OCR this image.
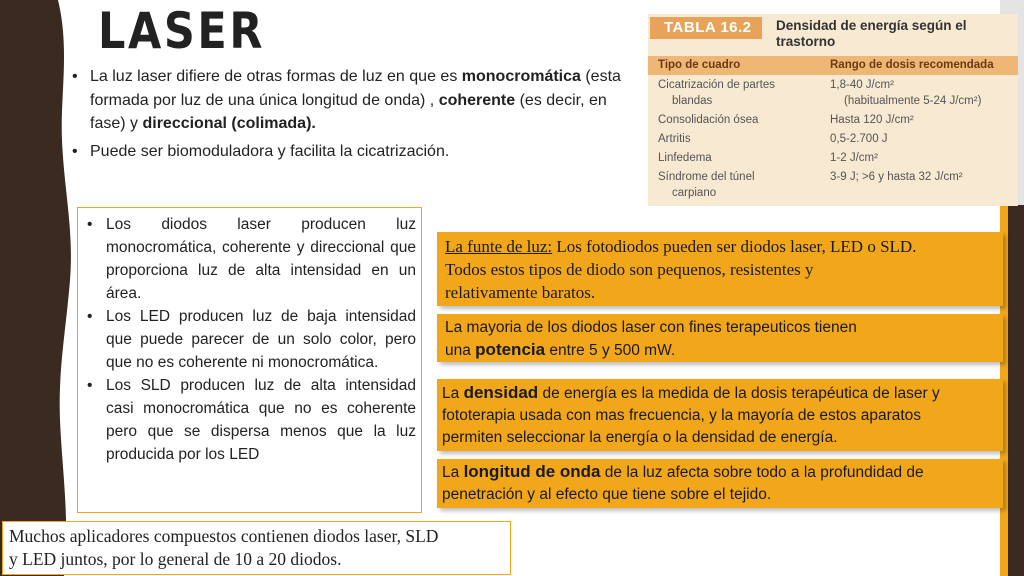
LASER
• La luz laser difiere de otras formas de luz en que es monocromática (esta formada por luz de una única longitud de onda) , coherente (es decir, en fase) y direccional (colimada).
• Puede ser biomoduladora y facilita la cicatrización.
TABLA 16.2	Densidad de energía según el trastorno
Tipo de cuadro	Rango de dosis recomendada
Cicatrización de partes	1,8-40 J/cm²
blandas	(habitualmente 5-24 J/cm²)
Consolidación ósea	Hasta 120 J/cm²
Artritis	0,5-2.700 J
Linfedema	1-2 J/cm²
Síndrome del túnel	3-9 J; >6 y hasta 32 J/cm²
carpiano
• Los diodos laser producen luz monocromática, coherente y direccional que proporciona luz de alta intensidad en un área.
• Los LED producen luz de baja intensidad que puede parecer de un solo color, pero que no es coherente ni monocromática.
• Los SLD producen luz de alta intensidad casi monocromática que no es coherente pero que se dispersa menos que la luz producida por los LED
Muchos aplicadores compuestos contienen diodos laser, SLD
y LED juntos, por lo general de 10 a 20 diodos.
La funte de luz: Los fotodiodos pueden ser diodos laser, LED o SLD.
Todos estos tipos de diodo son pequenos, resistentes y
relativamente baratos.
La mayoria de los diodos laser con fines terapeuticos tienen
una potencia entre 5 y 500 mW.
La densidad de energía es la medida de la dosis terapéutica de laser y
fototerapia usada con mas frecuencia, y la mayoría de estos aparatos
permiten seleccionar la energía o la densidad de energía.
La longitud de onda de la luz afecta sobre todo a la profundidad de
penetración y al efecto que tiene sobre el tejido.
